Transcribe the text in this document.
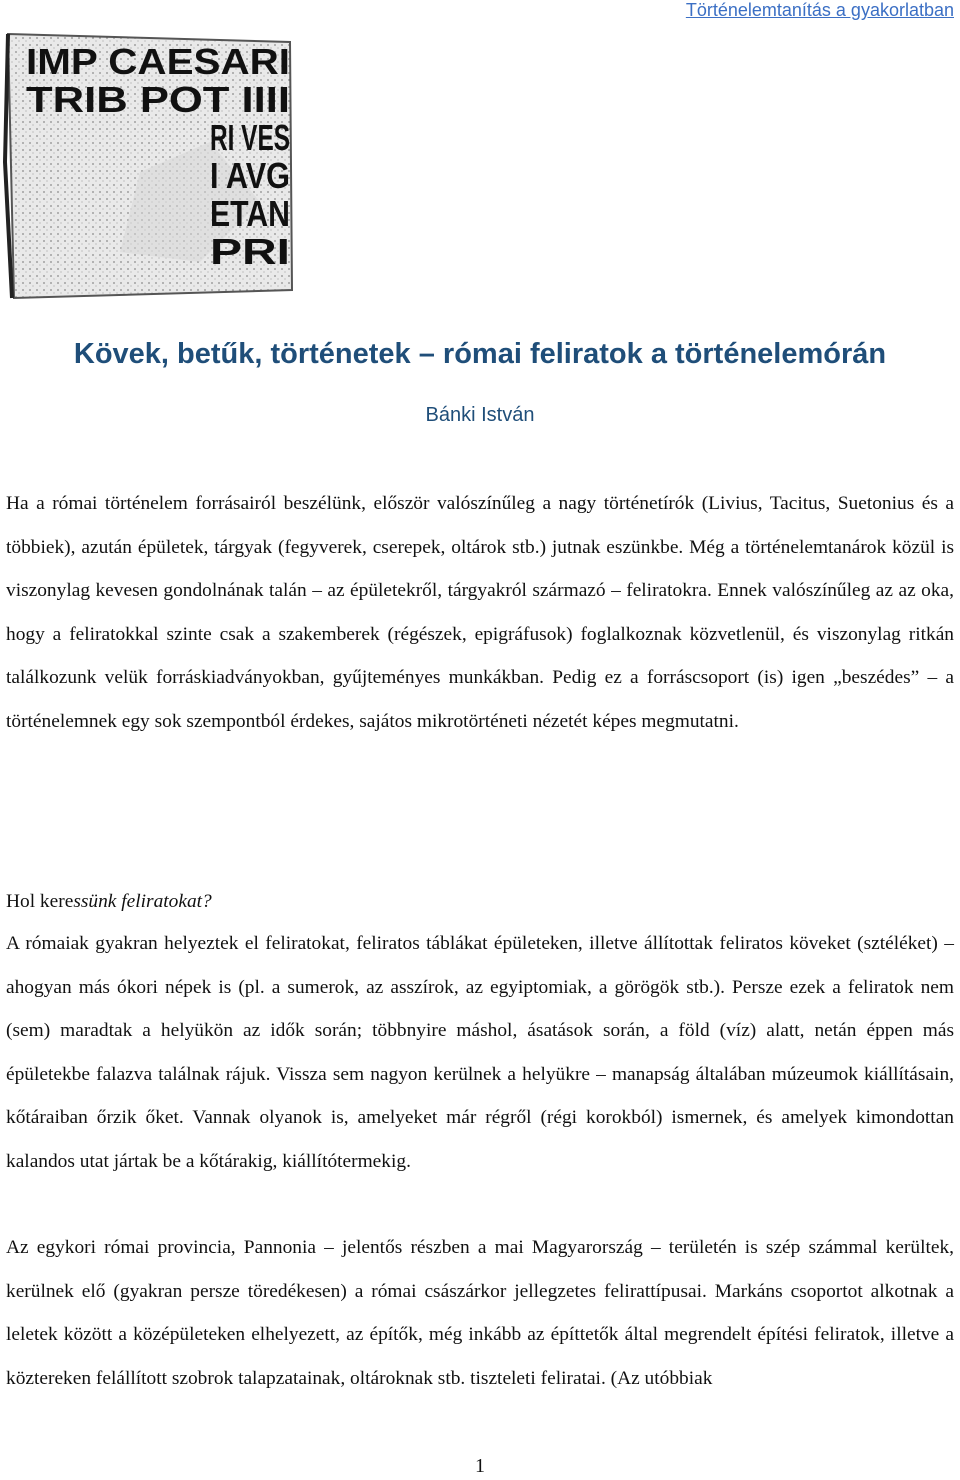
Történelemtanítás a gyakorlatban
IMP CAESARI
TRIB POT IIII
RI VES
I AVG
ETAN
PRI
Kövek, betűk, történetek – római feliratok a történelemórán
Bánki István

Ha a római történelem forrásairól beszélünk, először valószínűleg a nagy történetírók (Livius, Tacitus, Suetonius és a többiek), azután épületek, tárgyak (fegyverek, cserepek, oltárok stb.) jutnak eszünkbe. Még a történelemtanárok közül is viszonylag kevesen gondolnának talán – az épületekről, tárgyakról származó – feliratokra. Ennek valószínűleg az az oka, hogy a feliratokkal szinte csak a szakemberek (régészek, epigráfusok) foglalkoznak közvetlenül, és viszonylag ritkán találkozunk velük forráskiadványokban, gyűjteményes munkákban. Pedig ez a forráscsoport (is) igen „beszédes” – a történelemnek egy sok szempontból érdekes, sajátos mikrotörténeti nézetét képes megmutatni.

Hol keressünk feliratokat?

A rómaiak gyakran helyeztek el feliratokat, feliratos táblákat épületeken, illetve állítottak feliratos köveket (sztéléket) – ahogyan más ókori népek is (pl. a sumerok, az asszírok, az egyiptomiak, a görögök stb.). Persze ezek a feliratok nem (sem) maradtak a helyükön az idők során; többnyire máshol, ásatások során, a föld (víz) alatt, netán éppen más épületekbe falazva találnak rájuk. Vissza sem nagyon kerülnek a helyükre – manapság általában múzeumok kiállításain, kőtáraiban őrzik őket. Vannak olyanok is, amelyeket már régről (régi korokból) ismernek, és amelyek kimondottan kalandos utat jártak be a kőtárakig, kiállítótermekig.

Az egykori római provincia, Pannonia – jelentős részben a mai Magyarország – területén is szép számmal kerültek, kerülnek elő (gyakran persze töredékesen) a római császárkor jellegzetes felirattípusai. Markáns csoportot alkotnak a leletek között a középületeken elhelyezett, az építők, még inkább az építtetők által megrendelt építési feliratok, illetve a köztereken felállított szobrok talapzatainak, oltároknak stb. tiszteleti feliratai. (Az utóbbiak

1
